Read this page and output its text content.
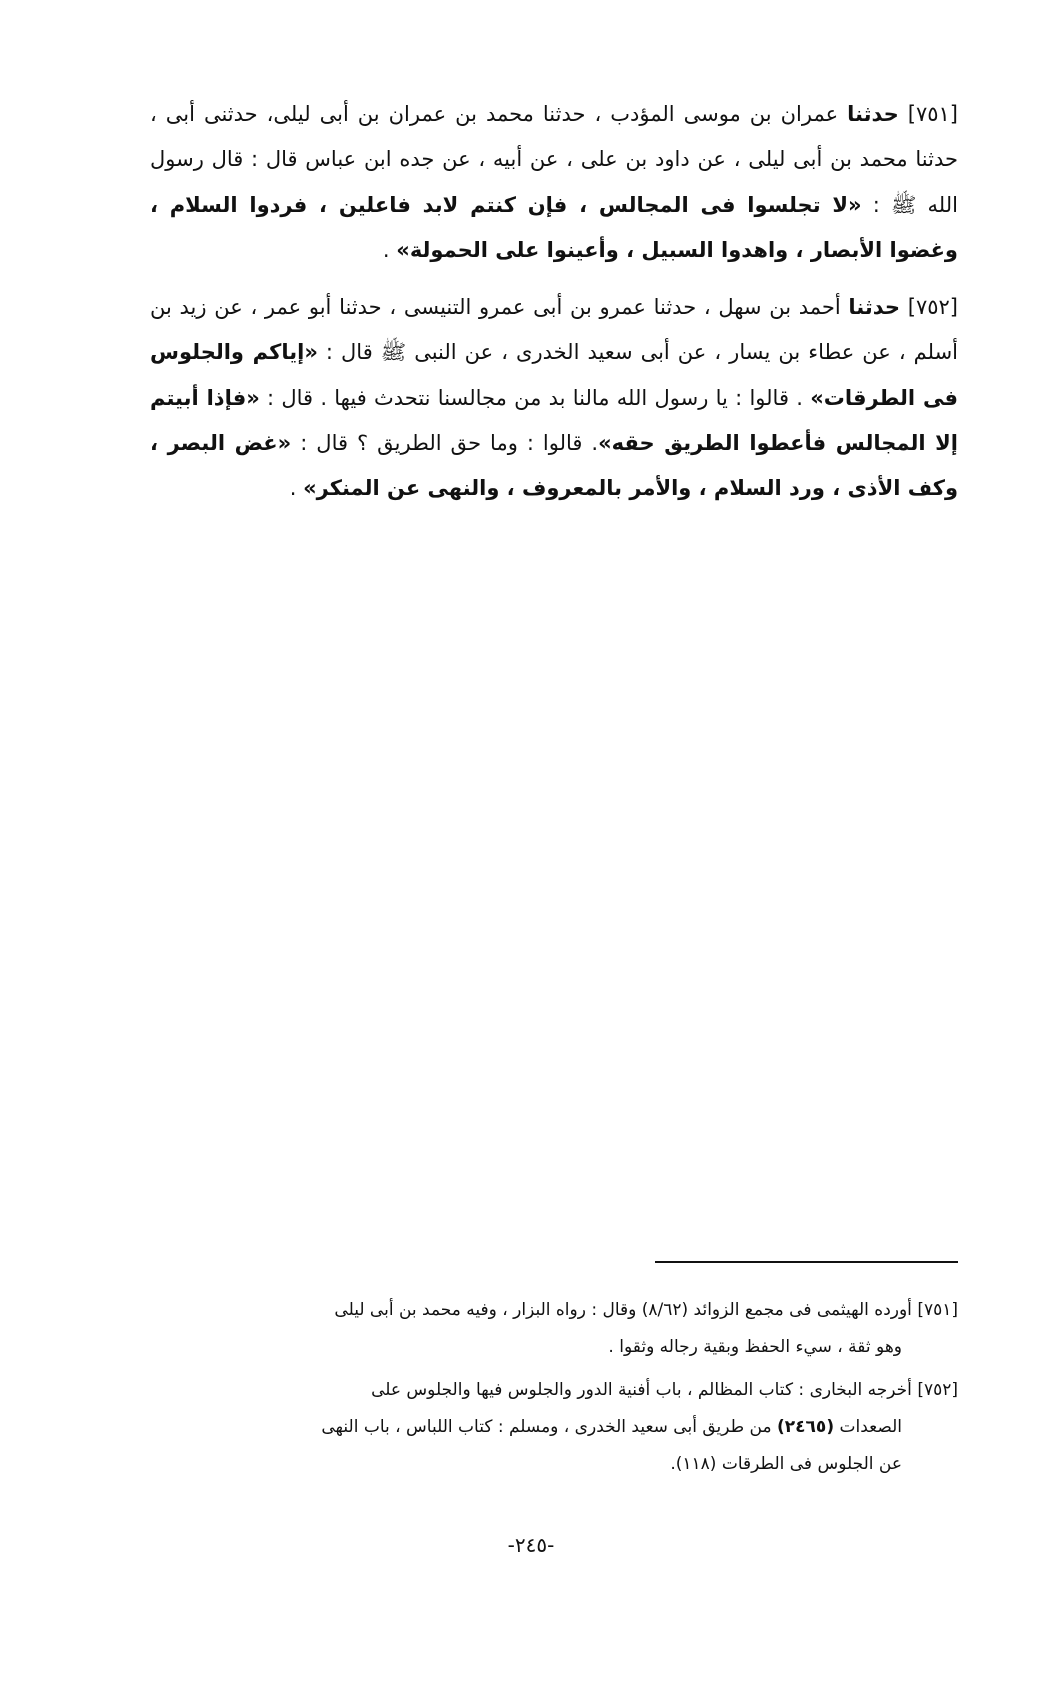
[٧٥١] حدثنا عمران بن موسى المؤدب ، حدثنا محمد بن عمران بن أبى ليلى، حدثنى أبى ، حدثنا محمد بن أبى ليلى ، عن داود بن على ، عن أبيه ، عن جده ابن عباس قال : قال رسول الله ﷺ : «لا تجلسوا فى المجالس ، فإن كنتم لابد فاعلين ، فردوا السلام ، وغضوا الأبصار ، واهدوا السبيل ، وأعينوا على الحمولة» .

[٧٥٢] حدثنا أحمد بن سهل ، حدثنا عمرو بن أبى عمرو التنيسى ، حدثنا أبو عمر ، عن زيد بن أسلم ، عن عطاء بن يسار ، عن أبى سعيد الخدرى ، عن النبى ﷺ قال : «إياكم والجلوس فى الطرقات» . قالوا : يا رسول الله مالنا بد من مجالسنا نتحدث فيها . قال : «فإذا أبيتم إلا المجالس فأعطوا الطريق حقه». قالوا : وما حق الطريق ؟ قال : «غض البصر ، وكف الأذى ، ورد السلام ، والأمر بالمعروف ، والنهى عن المنكر» .

[٧٥١] أورده الهيثمى فى مجمع الزوائد (٨/٦٢) وقال : رواه البزار ، وفيه محمد بن أبى ليلى
وهو ثقة ، سيء الحفظ وبقية رجاله وثقوا .
[٧٥٢] أخرجه البخارى : كتاب المظالم ، باب أفنية الدور والجلوس فيها والجلوس على
الصعدات (٢٤٦٥) من طريق أبى سعيد الخدرى ، ومسلم : كتاب اللباس ، باب النهى
عن الجلوس فى الطرقات (١١٨).
-٢٤٥-
